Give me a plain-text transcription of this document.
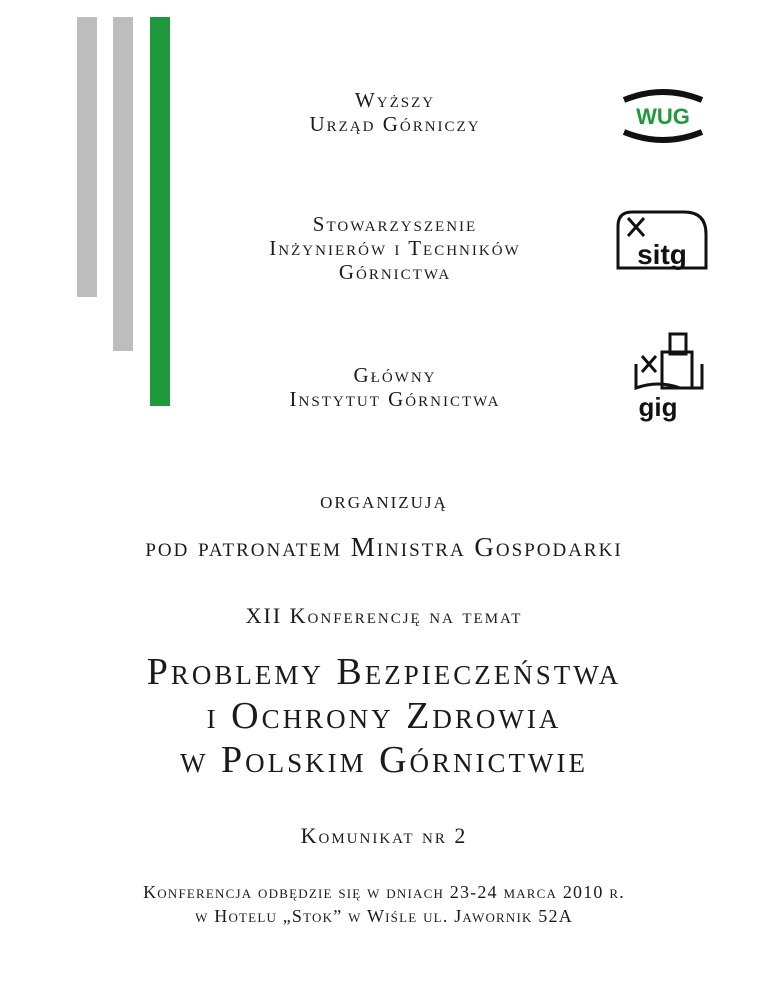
Wyższy
Urząd Górniczy	WUG
Stowarzyszenie
Inżynierów i Techników
Górnictwa
sitg
Główny
Instytut Górnictwa	gig
organizują
pod patronatem Ministra Gospodarki
XII Konferencję na temat
Problemy Bezpieczeństwa
i Ochrony Zdrowia
w Polskim Górnictwie
Komunikat nr 2
Konferencja odbędzie się w dniach 23-24 marca 2010 r.
w Hotelu „Stok” w Wiśle ul. Jawornik 52A
